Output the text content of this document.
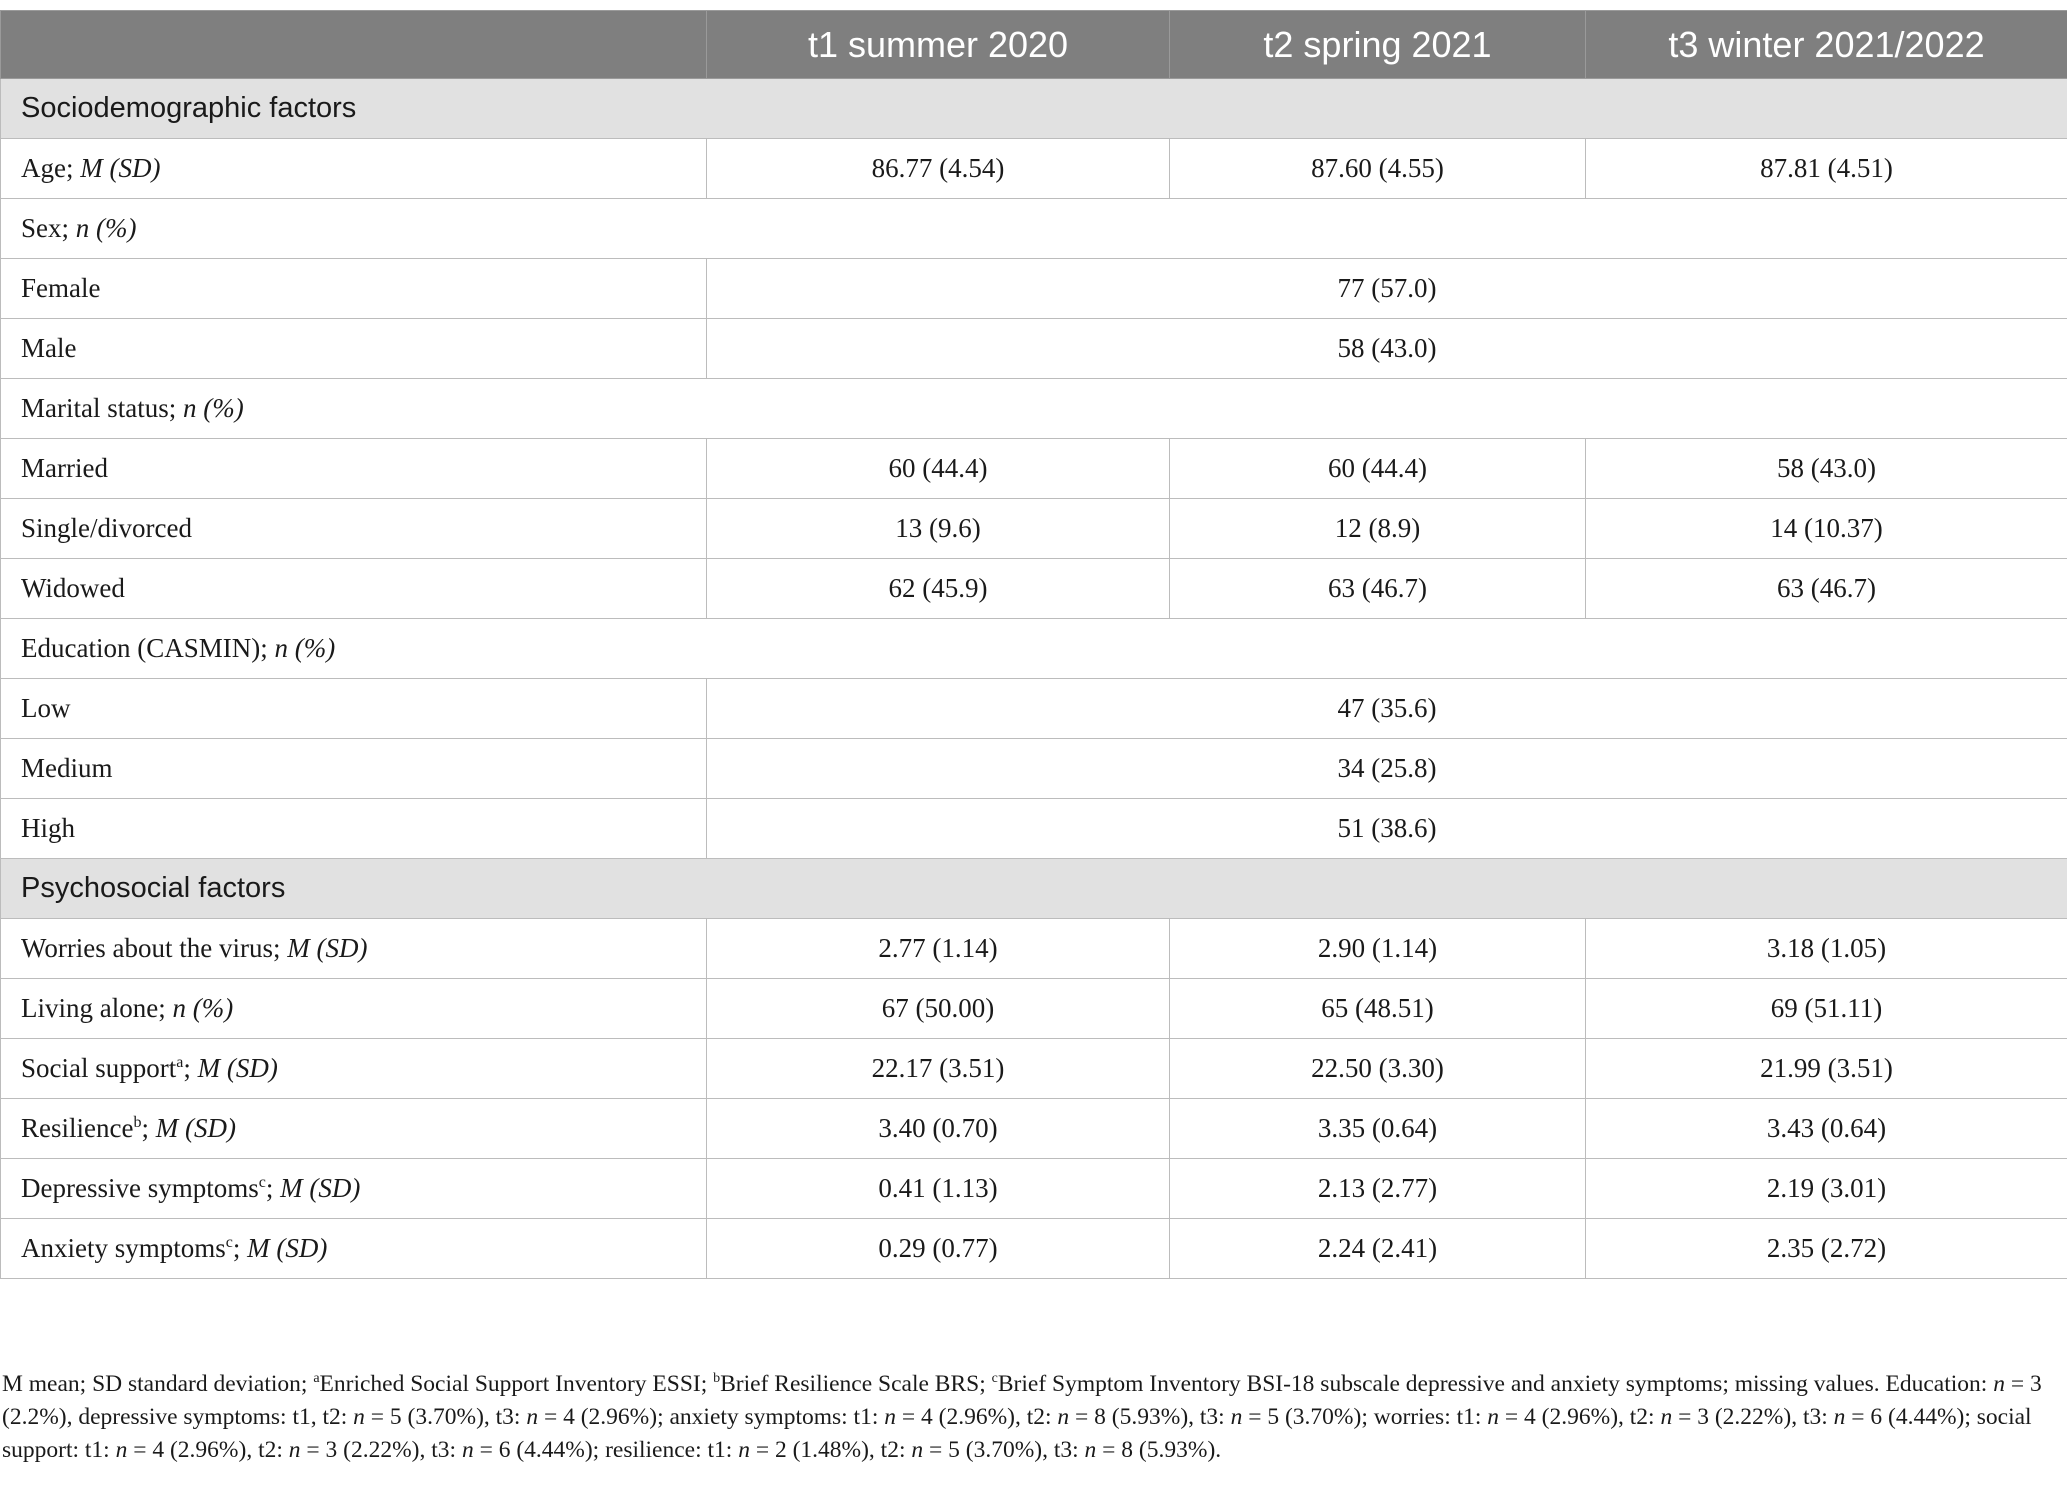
	t1 summer 2020	t2 spring 2021	t3 winter 2021/2022
Sociodemographic factors			
Age; M (SD)	86.77 (4.54)	87.60 (4.55)	87.81 (4.51)
Sex; n (%)			
Female	77 (57.0)		
Male	58 (43.0)		
Marital status; n (%)			
Married	60 (44.4)	60 (44.4)	58 (43.0)
Single/divorced	13 (9.6)	12 (8.9)	14 (10.37)
Widowed	62 (45.9)	63 (46.7)	63 (46.7)
Education (CASMIN); n (%)			
Low	47 (35.6)		
Medium	34 (25.8)		
High	51 (38.6)		
Psychosocial factors			
Worries about the virus; M (SD)	2.77 (1.14)	2.90 (1.14)	3.18 (1.05)
Living alone; n (%)	67 (50.00)	65 (48.51)	69 (51.11)
Social support$^a$; M (SD)	22.17 (3.51)	22.50 (3.30)	21.99 (3.51)
Resilience$^b$; M (SD)	3.40 (0.70)	3.35 (0.64)	3.43 (0.64)
Depressive symptoms$^c$; M (SD)	0.41 (1.13)	2.13 (2.77)	2.19 (3.01)
Anxiety symptoms$^c$; M (SD)	0.29 (0.77)	2.24 (2.41)	2.35 (2.72)
M mean; SD standard deviation; $^a$Enriched Social Support Inventory ESSI; $^b$Brief Resilience Scale BRS; $^c$Brief Symptom Inventory BSI-18 subscale depressive and anxiety symptoms; missing values. Education: n = 3 (2.2%), depressive symptoms: t1, t2: n = 5 (3.70%), t3: n = 4 (2.96%); anxiety symptoms: t1: n = 4 (2.96%), t2: n = 8 (5.93%), t3: n = 5 (3.70%); worries: t1: n = 4 (2.96%), t2: n = 3 (2.22%), t3: n = 6 (4.44%); social support: t1: n = 4 (2.96%), t2: n = 3 (2.22%), t3: n = 6 (4.44%); resilience: t1: n = 2 (1.48%), t2: n = 5 (3.70%), t3: n = 8 (5.93%).
